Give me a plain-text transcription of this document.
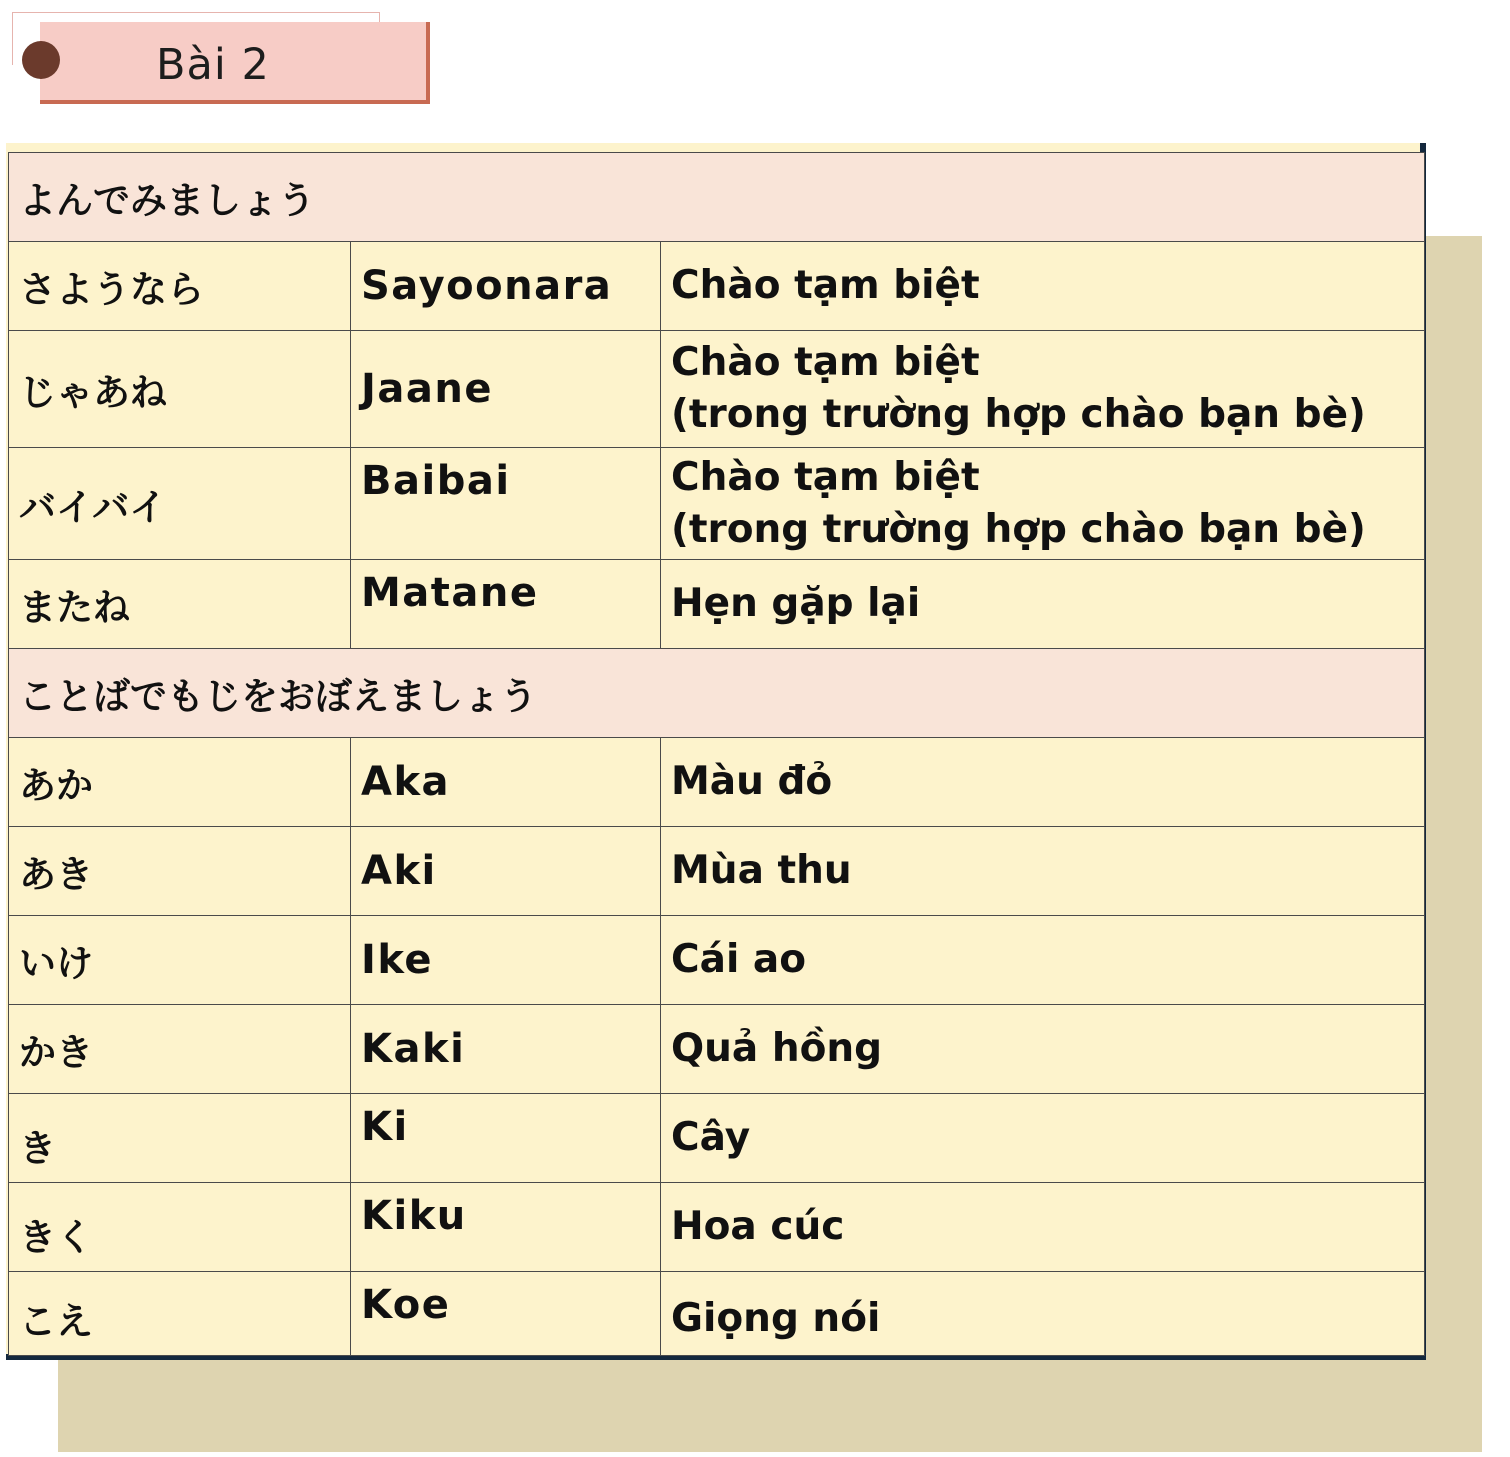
Bài 2
よんでみましょう		
さようなら	Sayoonara	Chào tạm biệt

じゃあね	Jaane	Chào tạm biệt
(trong trường hợp chào bạn bè)

バイバイ	Baibai	Chào tạm biệt
(trong trường hợp chào bạn bè)

またね	Matane	Hẹn gặp lại

ことばでもじをおぼえましょう		
あか	Aka	Màu đỏ

あき	Aki	Mùa thu

いけ	Ike	Cái ao

かき	Kaki	Quả hồng

き	Ki	Cây

きく	Kiku	Hoa cúc

こえ	Koe	Giọng nói
